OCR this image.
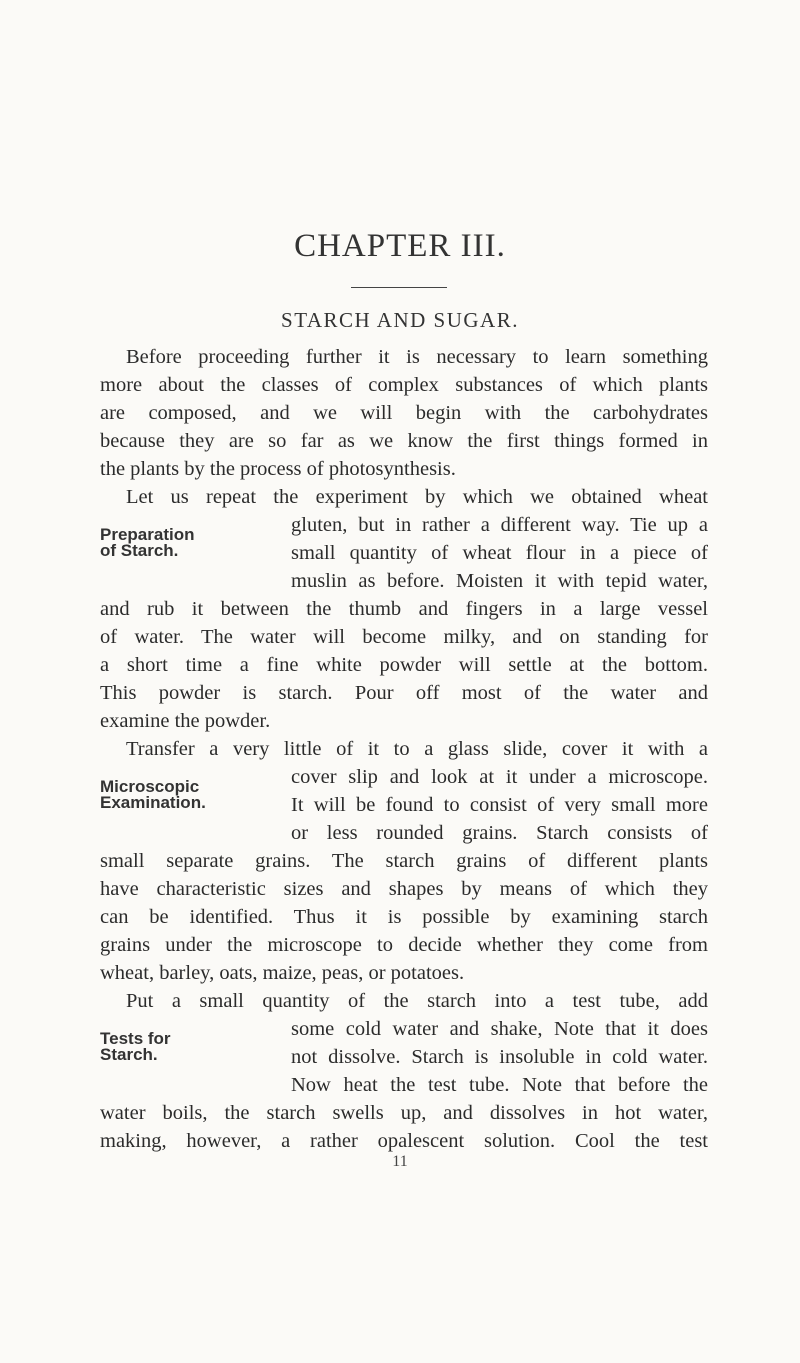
CHAPTER III.
STARCH AND SUGAR.
Before proceeding further it is necessary to learn something
more about the classes of complex substances of which plants
are composed, and we will begin with the carbohydrates
because they are so far as we know the first things formed in
the plants by the process of photosynthesis.
Let us repeat the experiment by which we obtained wheat
gluten, but in rather a different way. Tie up a
small quantity of wheat flour in a piece of
muslin as before. Moisten it with tepid water,
and rub it between the thumb and fingers in a large vessel
of water. The water will become milky, and on standing for
a short time a fine white powder will settle at the bottom.
This powder is starch. Pour off most of the water and
examine the powder.
Transfer a very little of it to a glass slide, cover it with a
cover slip and look at it under a microscope.
It will be found to consist of very small more
or less rounded grains. Starch consists of
small separate grains. The starch grains of different plants
have characteristic sizes and shapes by means of which they
can be identified. Thus it is possible by examining starch
grains under the microscope to decide whether they come from
wheat, barley, oats, maize, peas, or potatoes.
Put a small quantity of the starch into a test tube, add
some cold water and shake, Note that it does
not dissolve. Starch is insoluble in cold water.
Now heat the test tube. Note that before the
water boils, the starch swells up, and dissolves in hot water,
making, however, a rather opalescent solution. Cool the test
Preparation
of Starch.
Microscopic
Examination.
Tests for
Starch.
11
